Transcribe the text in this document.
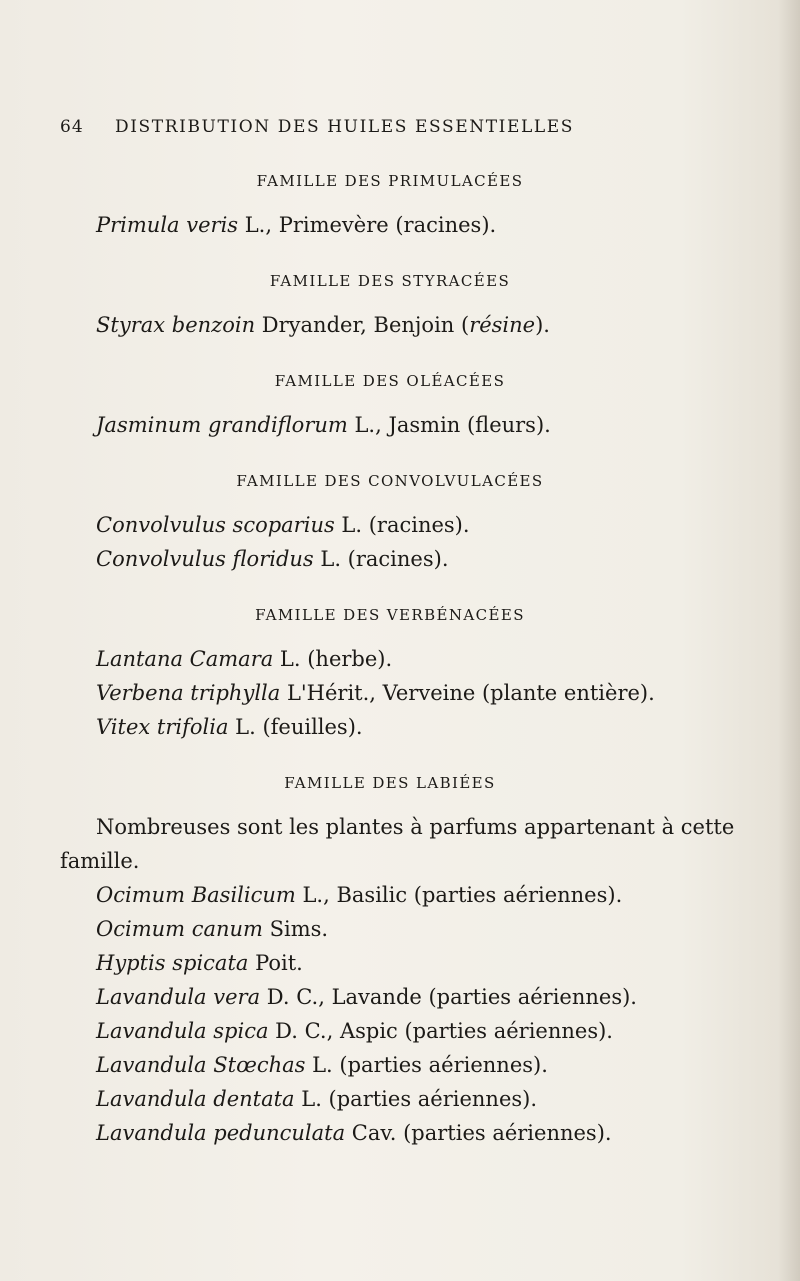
64 DISTRIBUTION DES HUILES ESSENTIELLES
FAMILLE DES PRIMULACÉES
Primula veris L., Primevère (racines).
FAMILLE DES STYRACÉES
Styrax benzoin Dryander, Benjoin (résine).
FAMILLE DES OLÉACÉES
Jasminum grandiflorum L., Jasmin (fleurs).
FAMILLE DES CONVOLVULACÉES
Convolvulus scoparius L. (racines).
Convolvulus floridus L. (racines).
FAMILLE DES VERBÉNACÉES
Lantana Camara L. (herbe).
Verbena triphylla L'Hérit., Verveine (plante entière).
Vitex trifolia L. (feuilles).
FAMILLE DES LABIÉES
Nombreuses sont les plantes à parfums appartenant à cette famille.
Ocimum Basilicum L., Basilic (parties aériennes).
Ocimum canum Sims.
Hyptis spicata Poit.
Lavandula vera D. C., Lavande (parties aériennes).
Lavandula spica D. C., Aspic (parties aériennes).
Lavandula Stœchas L. (parties aériennes).
Lavandula dentata L. (parties aériennes).
Lavandula pedunculata Cav. (parties aériennes).
